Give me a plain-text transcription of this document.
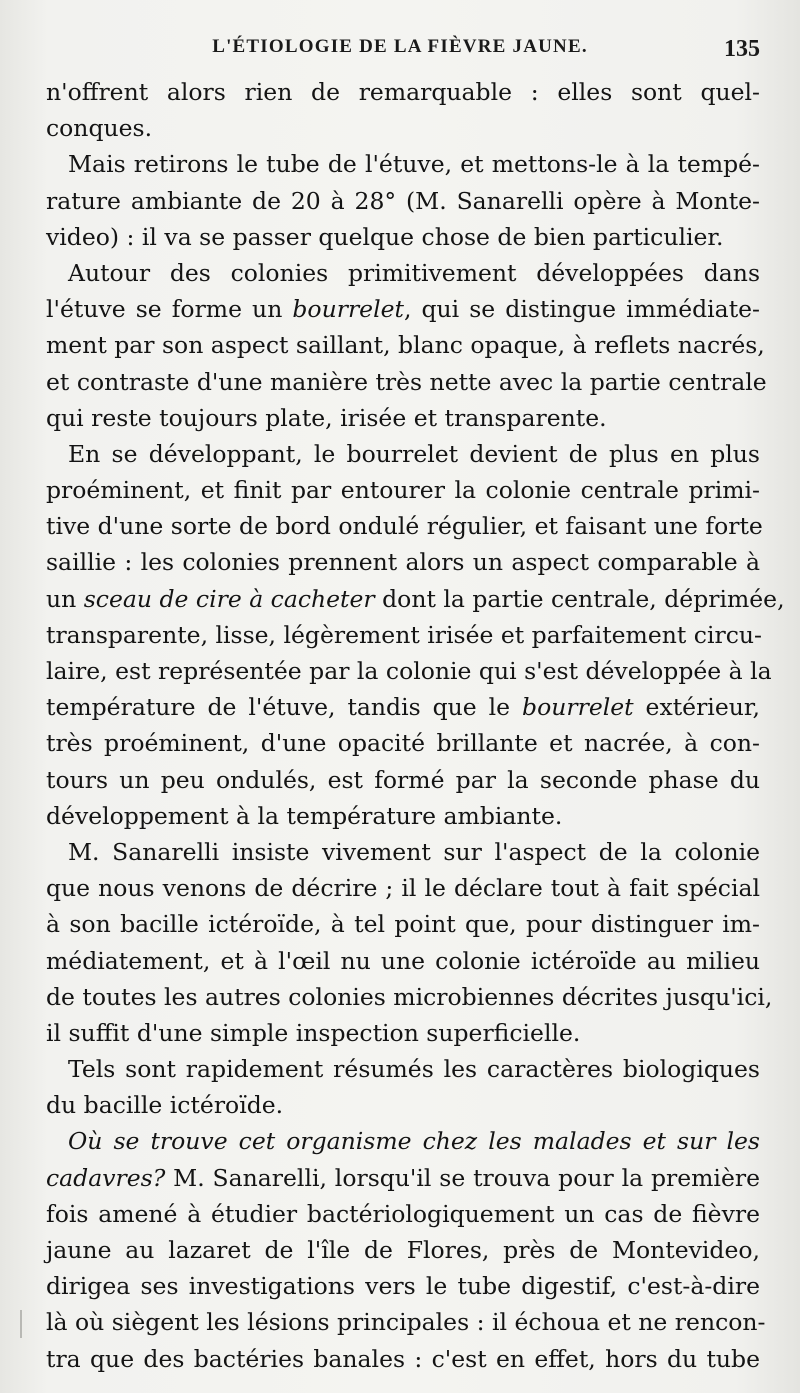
L'ÉTIOLOGIE DE LA FIÈVRE JAUNE.	135
n'offrent alors rien de remarquable : elles sont quel-
conques.
Mais retirons le tube de l'étuve, et mettons-le à la tempé-
rature ambiante de 20 à 28° (M. Sanarelli opère à Monte-
video) : il va se passer quelque chose de bien particulier.
Autour des colonies primitivement développées dans
l'étuve se forme un bourrelet, qui se distingue immédiate-
ment par son aspect saillant, blanc opaque, à reflets nacrés,
et contraste d'une manière très nette avec la partie centrale
qui reste toujours plate, irisée et transparente.
En se développant, le bourrelet devient de plus en plus
proéminent, et finit par entourer la colonie centrale primi-
tive d'une sorte de bord ondulé régulier, et faisant une forte
saillie : les colonies prennent alors un aspect comparable à
un sceau de cire à cacheter dont la partie centrale, déprimée,
transparente, lisse, légèrement irisée et parfaitement circu-
laire, est représentée par la colonie qui s'est développée à la
température de l'étuve, tandis que le bourrelet extérieur,
très proéminent, d'une opacité brillante et nacrée, à con-
tours un peu ondulés, est formé par la seconde phase du
développement à la température ambiante.
M. Sanarelli insiste vivement sur l'aspect de la colonie
que nous venons de décrire ; il le déclare tout à fait spécial
à son bacille ictéroïde, à tel point que, pour distinguer im-
médiatement, et à l'œil nu une colonie ictéroïde au milieu
de toutes les autres colonies microbiennes décrites jusqu'ici,
il suffit d'une simple inspection superficielle.
Tels sont rapidement résumés les caractères biologiques
du bacille ictéroïde.
Où se trouve cet organisme chez les malades et sur les
cadavres? M. Sanarelli, lorsqu'il se trouva pour la première
fois amené à étudier bactériologiquement un cas de fièvre
jaune au lazaret de l'île de Flores, près de Montevideo,
dirigea ses investigations vers le tube digestif, c'est-à-dire
là où siègent les lésions principales : il échoua et ne rencon-
tra que des bactéries banales : c'est en effet, hors du tube
